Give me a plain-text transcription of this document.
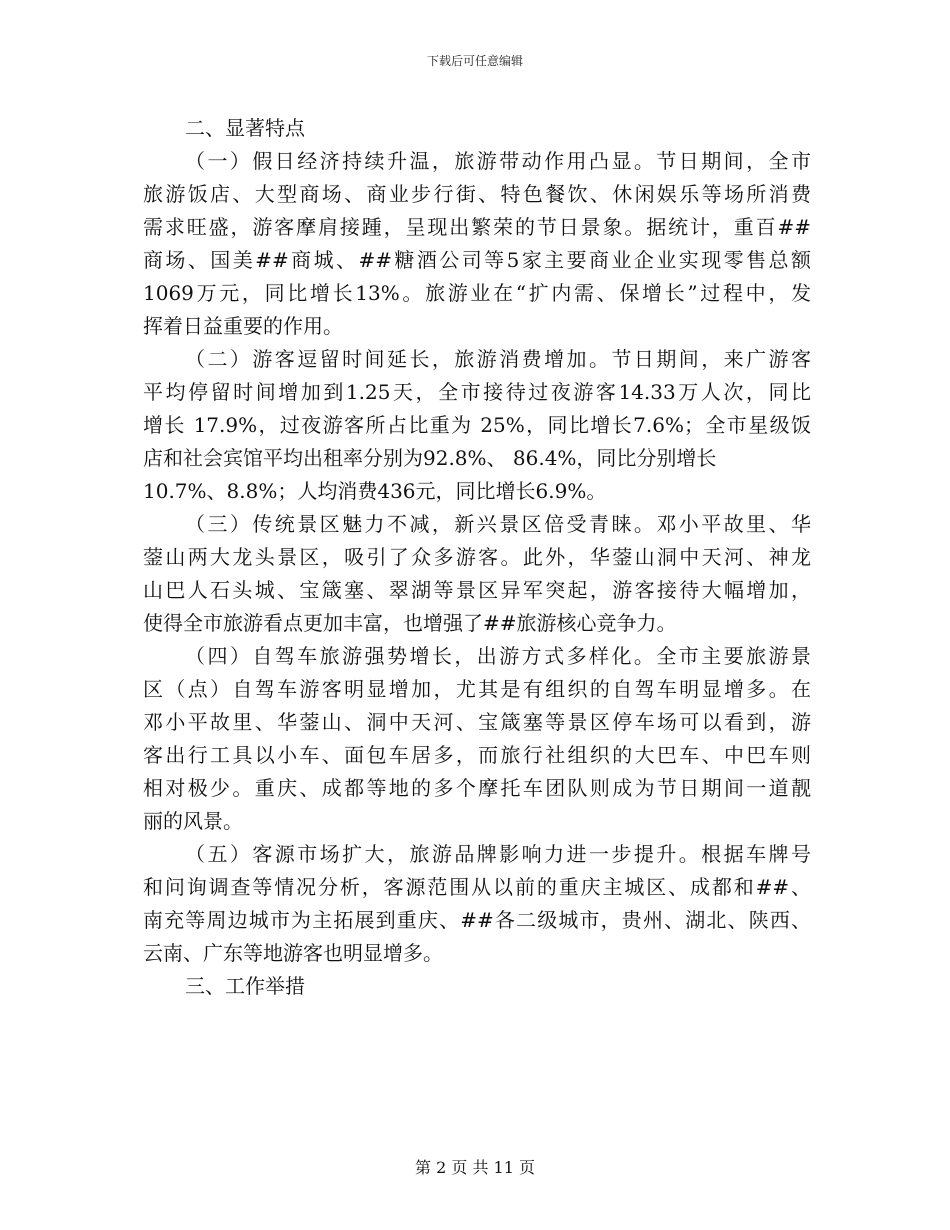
下载后可任意编辑

二、显著特点

（一）假日经济持续升温，旅游带动作用凸显。节日期间，全市
旅游饭店、大型商场、商业步行街、特色餐饮、休闲娱乐等场所消费
需求旺盛，游客摩肩接踵，呈现出繁荣的节日景象。据统计，重百##
商场、国美##商城、##糖酒公司等5家主要商业企业实现零售总额
1069万元，同比增长13%。旅游业在“扩内需、保增长”过程中，发
挥着日益重要的作用。

（二）游客逗留时间延长，旅游消费增加。节日期间，来广游客
平均停留时间增加到1.25天，全市接待过夜游客14.33万人次，同比
增长 17.9%，过夜游客所占比重为 25%，同比增长7.6%；全市星级饭
店和社会宾馆平均出租率分别为92.8%、 86.4%，同比分别增长
10.7%、8.8%；人均消费436元，同比增长6.9%。

（三）传统景区魅力不减，新兴景区倍受青睐。邓小平故里、华
蓥山两大龙头景区，吸引了众多游客。此外，华蓥山洞中天河、神龙
山巴人石头城、宝箴塞、翠湖等景区异军突起，游客接待大幅增加，
使得全市旅游看点更加丰富，也增强了##旅游核心竞争力。

（四）自驾车旅游强势增长，出游方式多样化。全市主要旅游景
区（点）自驾车游客明显增加，尤其是有组织的自驾车明显增多。在
邓小平故里、华蓥山、洞中天河、宝箴塞等景区停车场可以看到，游
客出行工具以小车、面包车居多，而旅行社组织的大巴车、中巴车则
相对极少。重庆、成都等地的多个摩托车团队则成为节日期间一道靓
丽的风景。

（五）客源市场扩大，旅游品牌影响力进一步提升。根据车牌号
和问询调查等情况分析，客源范围从以前的重庆主城区、成都和##、
南充等周边城市为主拓展到重庆、##各二级城市，贵州、湖北、陕西、
云南、广东等地游客也明显增多。

三、工作举措

第 2 页 共 11 页
